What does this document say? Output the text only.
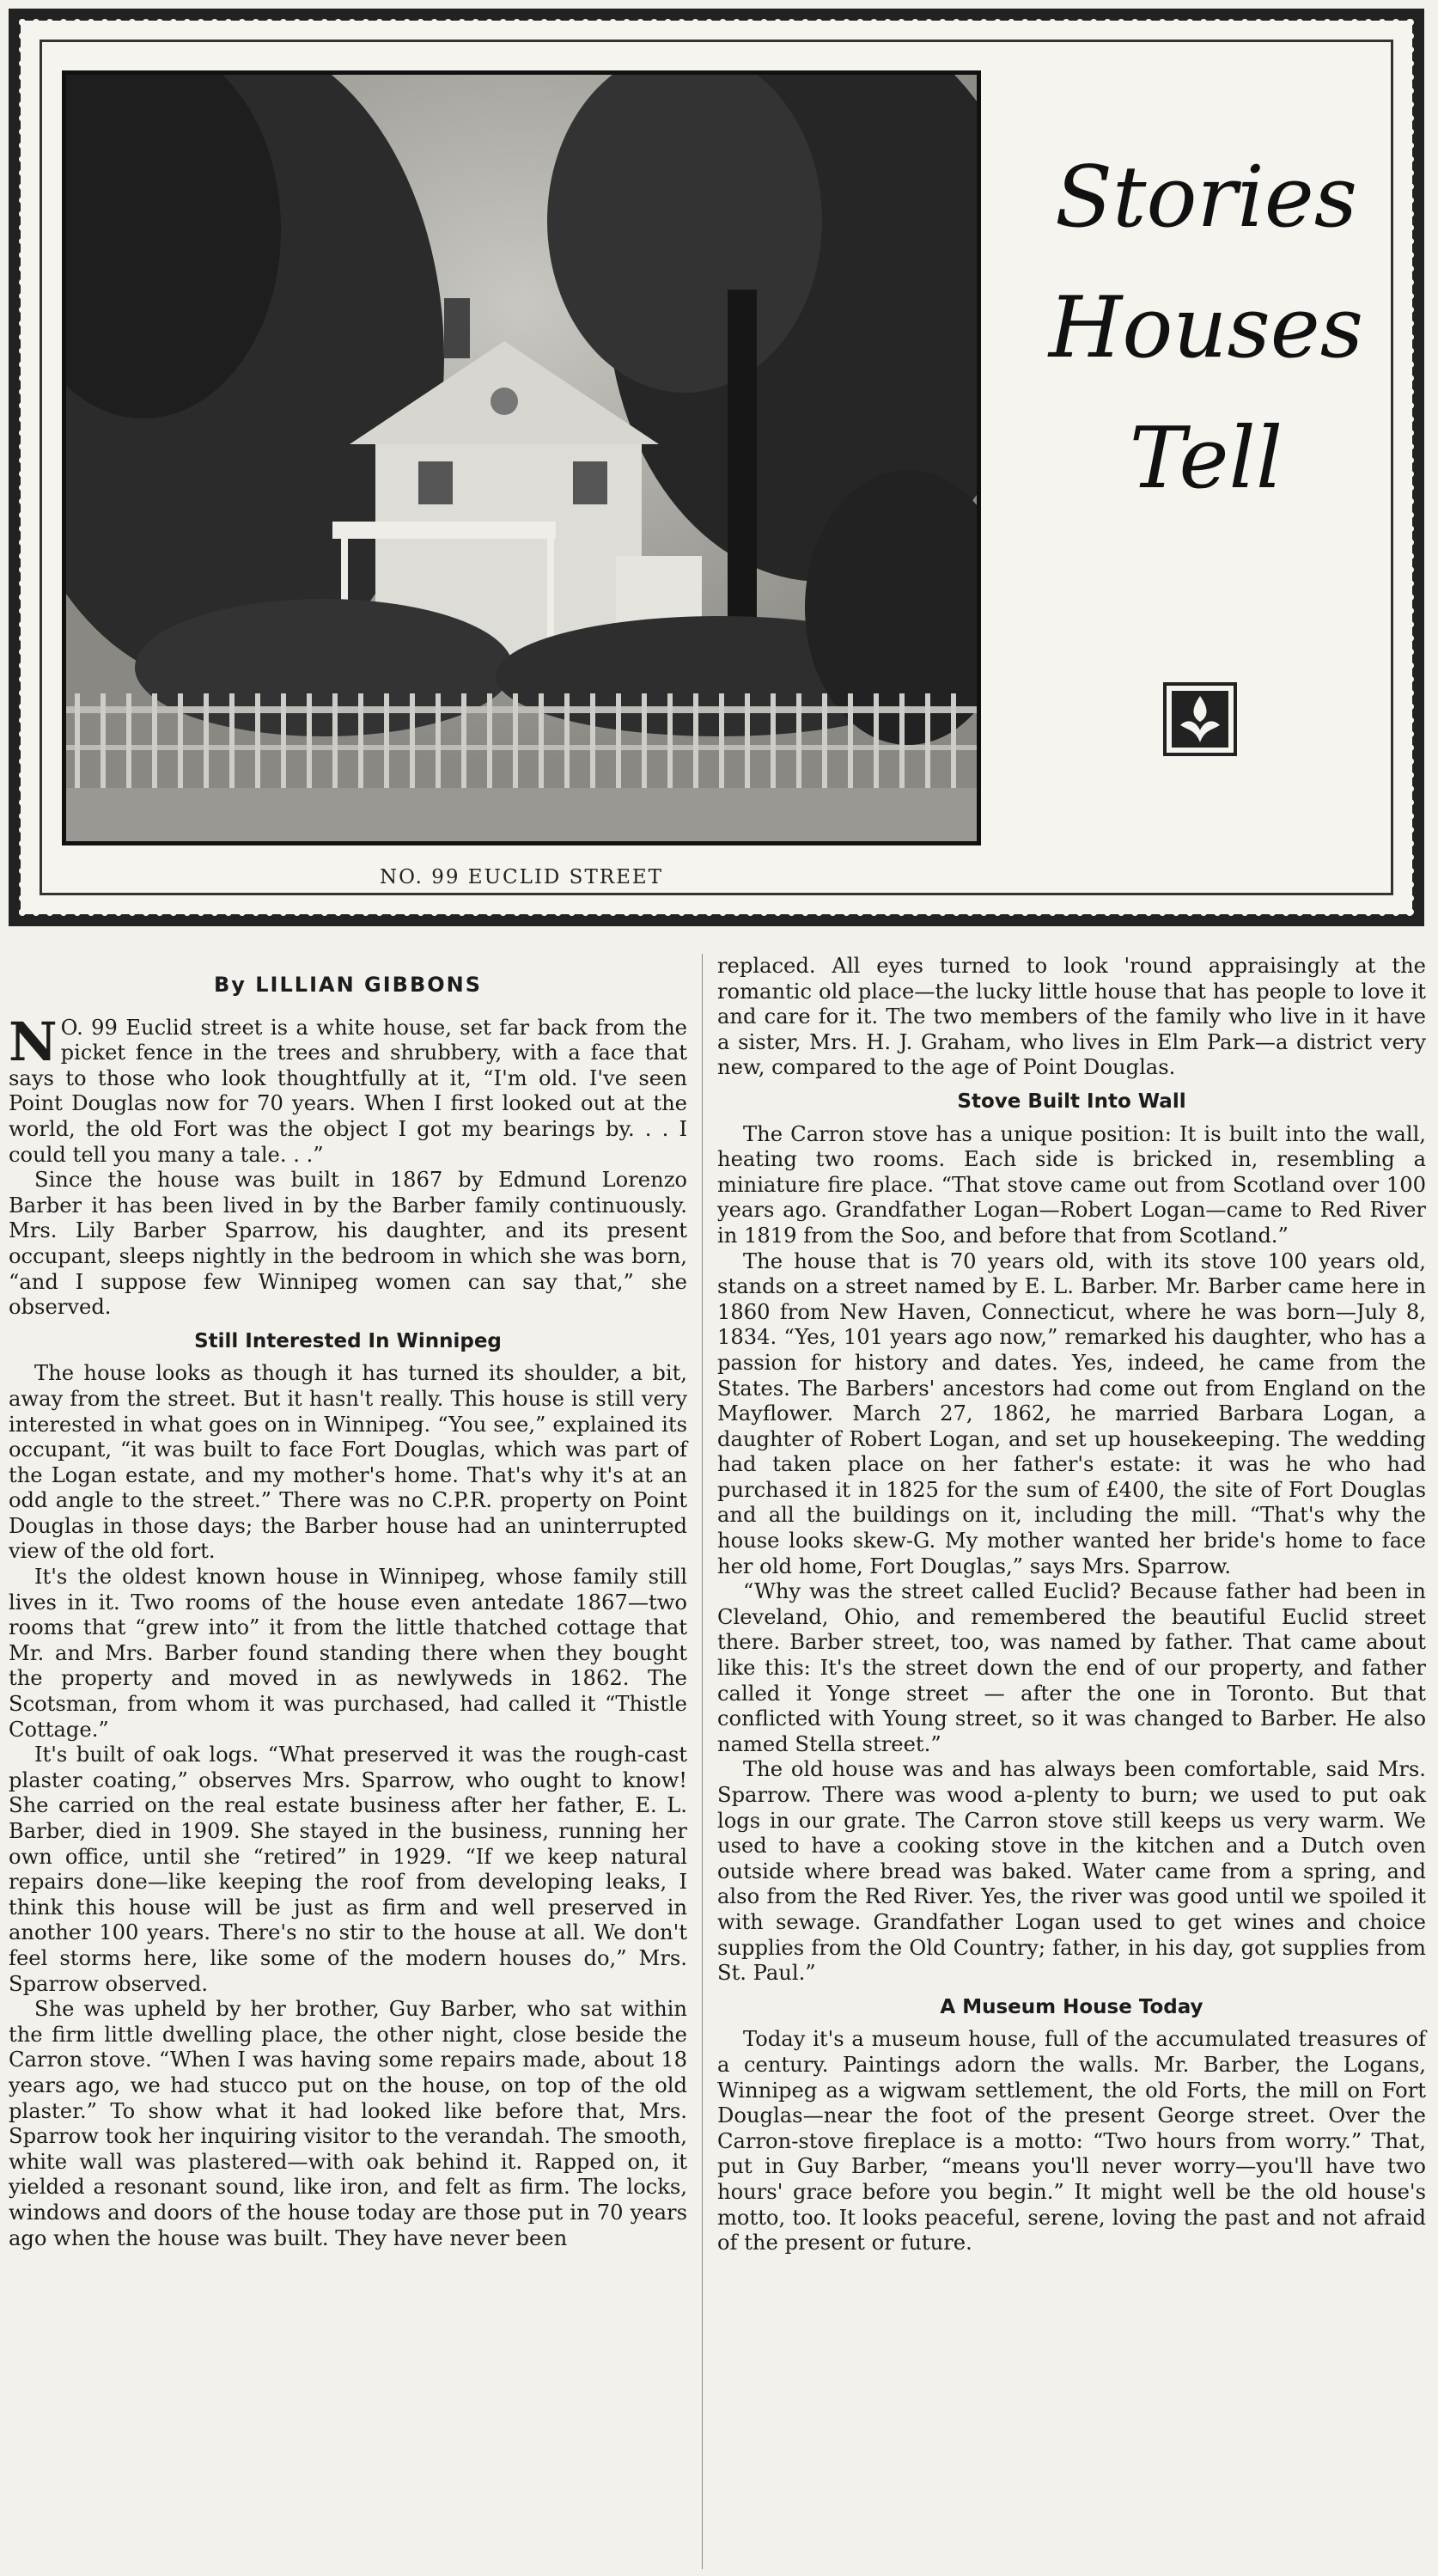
NO. 99 EUCLID STREET
Stories
Houses
Tell
By LILLIAN GIBBONS

N O. 99 Euclid street is a white house, set far back from the picket fence in the trees and shrubbery, with a face that says to those who look thoughtfully at it, “I'm old. I've seen Point Douglas now for 70 years. When I first looked out at the world, the old Fort was the object I got my bearings by. . . I could tell you many a tale. . .”

Since the house was built in 1867 by Edmund Lorenzo Barber it has been lived in by the Barber family continuously. Mrs. Lily Barber Sparrow, his daughter, and its present occupant, sleeps nightly in the bedroom in which she was born, “and I suppose few Winnipeg women can say that,” she observed.

Still Interested In Winnipeg

The house looks as though it has turned its shoulder, a bit, away from the street. But it hasn't really. This house is still very interested in what goes on in Winnipeg. “You see,” explained its occupant, “it was built to face Fort Douglas, which was part of the Logan estate, and my mother's home. That's why it's at an odd angle to the street.” There was no C.P.R. property on Point Douglas in those days; the Barber house had an uninterrupted view of the old fort.

It's the oldest known house in Winnipeg, whose family still lives in it. Two rooms of the house even antedate 1867—two rooms that “grew into” it from the little thatched cottage that Mr. and Mrs. Barber found standing there when they bought the property and moved in as newlyweds in 1862. The Scotsman, from whom it was purchased, had called it “Thistle Cottage.”

It's built of oak logs. “What preserved it was the rough-cast plaster coating,” observes Mrs. Sparrow, who ought to know! She carried on the real estate business after her father, E. L. Barber, died in 1909. She stayed in the business, running her own office, until she “retired” in 1929. “If we keep natural repairs done—like keeping the roof from developing leaks, I think this house will be just as firm and well preserved in another 100 years. There's no stir to the house at all. We don't feel storms here, like some of the modern houses do,” Mrs. Sparrow observed.

She was upheld by her brother, Guy Barber, who sat within the firm little dwelling place, the other night, close beside the Carron stove. “When I was having some repairs made, about 18 years ago, we had stucco put on the house, on top of the old plaster.” To show what it had looked like before that, Mrs. Sparrow took her inquiring visitor to the verandah. The smooth, white wall was plastered—with oak behind it. Rapped on, it yielded a resonant sound, like iron, and felt as firm. The locks, windows and doors of the house today are those put in 70 years ago when the house was built. They have never been

replaced. All eyes turned to look 'round appraisingly at the romantic old place—the lucky little house that has people to love it and care for it. The two members of the family who live in it have a sister, Mrs. H. J. Graham, who lives in Elm Park—a district very new, compared to the age of Point Douglas.

Stove Built Into Wall

The Carron stove has a unique position: It is built into the wall, heating two rooms. Each side is bricked in, resembling a miniature fire place. “That stove came out from Scotland over 100 years ago. Grandfather Logan—Robert Logan—came to Red River in 1819 from the Soo, and before that from Scotland.”

The house that is 70 years old, with its stove 100 years old, stands on a street named by E. L. Barber. Mr. Barber came here in 1860 from New Haven, Connecticut, where he was born—July 8, 1834. “Yes, 101 years ago now,” remarked his daughter, who has a passion for history and dates. Yes, indeed, he came from the States. The Barbers' ancestors had come out from England on the Mayflower. March 27, 1862, he married Barbara Logan, a daughter of Robert Logan, and set up housekeeping. The wedding had taken place on her father's estate: it was he who had purchased it in 1825 for the sum of £400, the site of Fort Douglas and all the buildings on it, including the mill. “That's why the house looks skew-G. My mother wanted her bride's home to face her old home, Fort Douglas,” says Mrs. Sparrow.

“Why was the street called Euclid? Because father had been in Cleveland, Ohio, and remembered the beautiful Euclid street there. Barber street, too, was named by father. That came about like this: It's the street down the end of our property, and father called it Yonge street — after the one in Toronto. But that conflicted with Young street, so it was changed to Barber. He also named Stella street.”

The old house was and has always been comfortable, said Mrs. Sparrow. There was wood a-plenty to burn; we used to put oak logs in our grate. The Carron stove still keeps us very warm. We used to have a cooking stove in the kitchen and a Dutch oven outside where bread was baked. Water came from a spring, and also from the Red River. Yes, the river was good until we spoiled it with sewage. Grandfather Logan used to get wines and choice supplies from the Old Country; father, in his day, got supplies from St. Paul.”

A Museum House Today

Today it's a museum house, full of the accumulated treasures of a century. Paintings adorn the walls. Mr. Barber, the Logans, Winnipeg as a wigwam settlement, the old Forts, the mill on Fort Douglas—near the foot of the present George street. Over the Carron-stove fireplace is a motto: “Two hours from worry.” That, put in Guy Barber, “means you'll never worry—you'll have two hours' grace before you begin.” It might well be the old house's motto, too. It looks peaceful, serene, loving the past and not afraid of the present or future.
